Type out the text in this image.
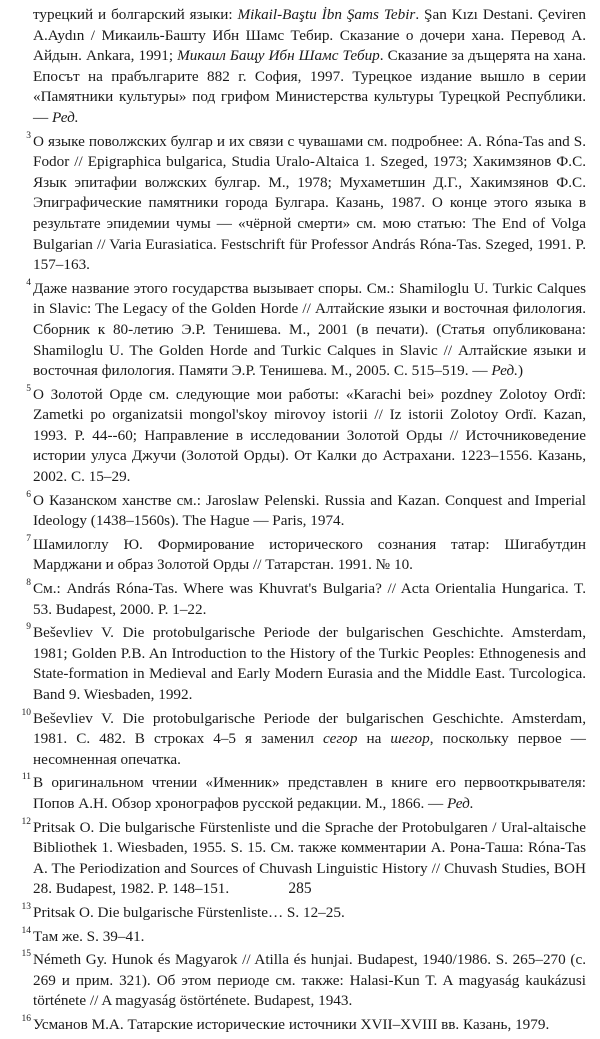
турецкий и болгарский языки: Mikail-Baştu İbn Şams Tebir. Şan Kızı Destani. Çeviren A.Aydın / Микаиль-Башту Ибн Шамс Тебир. Сказание о дочери хана. Перевод А. Айдын. Ankara, 1991; Микаил Бащу Ибн Шамс Тебир. Сказание за дъщерята на хана. Епосът на прабългарите 882 г. София, 1997. Турецкое издание вышло в серии «Памятники культуры» под грифом Министерства культуры Турецкой Республики. — Ред.
3 О языке поволжских булгар и их связи с чувашами см. подробнее: A. Róna-Tas and S. Fodor // Epigraphica bulgarica, Studia Uralo-Altaica 1. Szeged, 1973; Хакимзянов Ф.С. Язык эпитафии волжских булгар. М., 1978; Мухаметшин Д.Г., Хакимзянов Ф.С. Эпиграфические памятники города Булгара. Казань, 1987. О конце этого языка в результате эпидемии чумы — «чёрной смерти» см. мою статью: The End of Volga Bulgarian // Varia Eurasiatica. Festschrift für Professor András Róna-Tas. Szeged, 1991. P. 157–163.
4 Даже название этого государства вызывает споры. См.: Shamiloglu U. Turkic Calques in Slavic: The Legacy of the Golden Horde // Алтайские языки и восточная филология. Сборник к 80-летию Э.Р. Тенишева. М., 2001 (в печати). (Статья опубликована: Shamiloglu U. The Golden Horde and Turkic Calques in Slavic // Алтайские языки и восточная филология. Памяти Э.Р. Тенишева. М., 2005. С. 515–519. — Ред.)
5 О Золотой Орде см. следующие мои работы: «Karachi bei» pozdney Zolotoy Ordï: Zametki po organizatsii mongol'skoy mirovoy istorii // Iz istorii Zolotoy Ordï. Kazan, 1993. P. 44--60; Направление в исследовании Золотой Орды // Источниковедение истории улуса Джучи (Золотой Орды). От Калки до Астрахани. 1223–1556. Казань, 2002. С. 15–29.
6 О Казанском ханстве см.: Jaroslaw Pelenski. Russia and Kazan. Conquest and Imperial Ideology (1438–1560s). The Hague — Paris, 1974.
7 Шамилоглу Ю. Формирование исторического сознания татар: Шигабутдин Марджани и образ Золотой Орды // Татарстан. 1991. № 10.
8 См.: András Róna-Tas. Where was Khuvrat's Bulgaria? // Acta Orientalia Hungarica. T. 53. Budapest, 2000. P. 1–22.
9 Beševliev V. Die protobulgarische Periode der bulgarischen Geschichte. Amsterdam, 1981; Golden P.B. An Introduction to the History of the Turkic Peoples: Ethnogenesis and State-formation in Medieval and Early Modern Eurasia and the Middle East. Turcologica. Band 9. Wiesbaden, 1992.
10 Beševliev V. Die protobulgarische Periode der bulgarischen Geschichte. Amsterdam, 1981. С. 482. В строках 4–5 я заменил сегор на шегор, поскольку первое — несомненная опечатка.
11 В оригинальном чтении «Именник» представлен в книге его первооткрывателя: Попов А.Н. Обзор хронографов русской редакции. М., 1866. — Ред.
12 Pritsak O. Die bulgarische Fürstenliste und die Sprache der Protobulgaren / Ural-altaische Bibliothek 1. Wiesbaden, 1955. S. 15. См. также комментарии А. Рона-Таша: Róna-Tas A. The Periodization and Sources of Chuvash Linguistic History // Chuvash Studies, BOH 28. Budapest, 1982. P. 148–151.
13 Pritsak O. Die bulgarische Fürstenliste… S. 12–25.
14 Там же. S. 39–41.
15 Németh Gy. Hunok és Magyarok // Atilla és hunjai. Budapest, 1940/1986. S. 265–270 (с. 269 и прим. 321). Об этом периоде см. также: Halasi-Kun T. A magyaság kaukázusi története // A magyaság östörténete. Budapest, 1943.
16 Усманов М.А. Татарские исторические источники XVII–XVIII вв. Казань, 1979.
285
